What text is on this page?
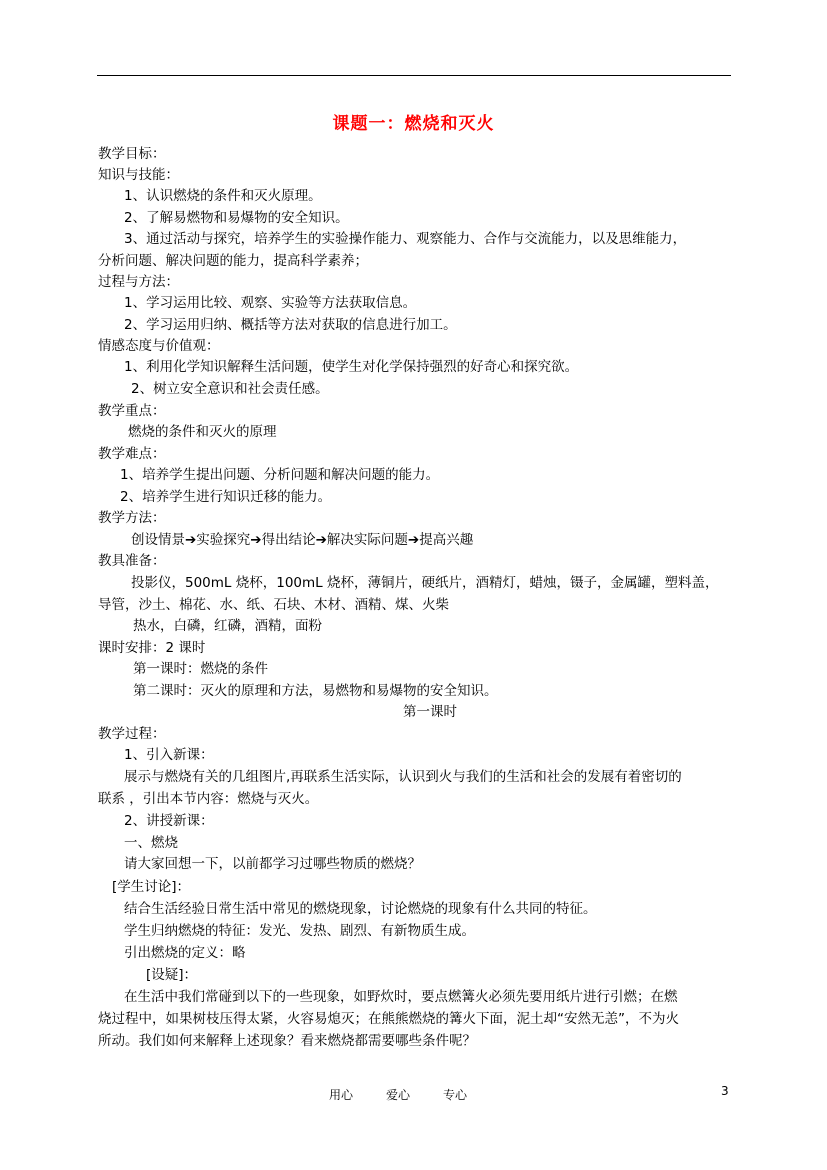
课题一：燃烧和灭火
教学目标：
知识与技能：
1、认识燃烧的条件和灭火原理。
2、了解易燃物和易爆物的安全知识。
3、通过活动与探究，培养学生的实验操作能力、观察能力、合作与交流能力，以及思维能力，
分析问题、解决问题的能力，提高科学素养；
过程与方法：
1、学习运用比较、观察、实验等方法获取信息。
2、学习运用归纳、概括等方法对获取的信息进行加工。
情感态度与价值观：
1、利用化学知识解释生活问题，使学生对化学保持强烈的好奇心和探究欲。
2、树立安全意识和社会责任感。
教学重点：
燃烧的条件和灭火的原理
教学难点：
1、培养学生提出问题、分析问题和解决问题的能力。
2、培养学生进行知识迁移的能力。
教学方法：
创设情景➔实验探究➔得出结论➔解决实际问题➔提高兴趣
教具准备：
投影仪，500mL 烧杯，100mL 烧杯，薄铜片，硬纸片，酒精灯，蜡烛，镊子，金属罐，塑料盖，
导管，沙土、棉花、水、纸、石块、木材、酒精、煤、火柴
热水，白磷，红磷，酒精，面粉
课时安排：2 课时
第一课时：燃烧的条件
第二课时：灭火的原理和方法，易燃物和易爆物的安全知识。
第一课时
教学过程：
1、引入新课：
展示与燃烧有关的几组图片,再联系生活实际，认识到火与我们的生活和社会的发展有着密切的
联系 ，引出本节内容：燃烧与灭火。
2、讲授新课：
一、燃烧
请大家回想一下，以前都学习过哪些物质的燃烧？
[学生讨论]：
结合生活经验日常生活中常见的燃烧现象，讨论燃烧的现象有什么共同的特征。
学生归纳燃烧的特征：发光、发热、剧烈、有新物质生成。
引出燃烧的定义：略
[设疑]：
在生活中我们常碰到以下的一些现象，如野炊时，要点燃篝火必须先要用纸片进行引燃；在燃
烧过程中，如果树枝压得太紧，火容易熄灭；在熊熊燃烧的篝火下面，泥土却“安然无恙”，不为火
所动。我们如何来解释上述现象？看来燃烧都需要哪些条件呢？
用心	爱心	专心	3
